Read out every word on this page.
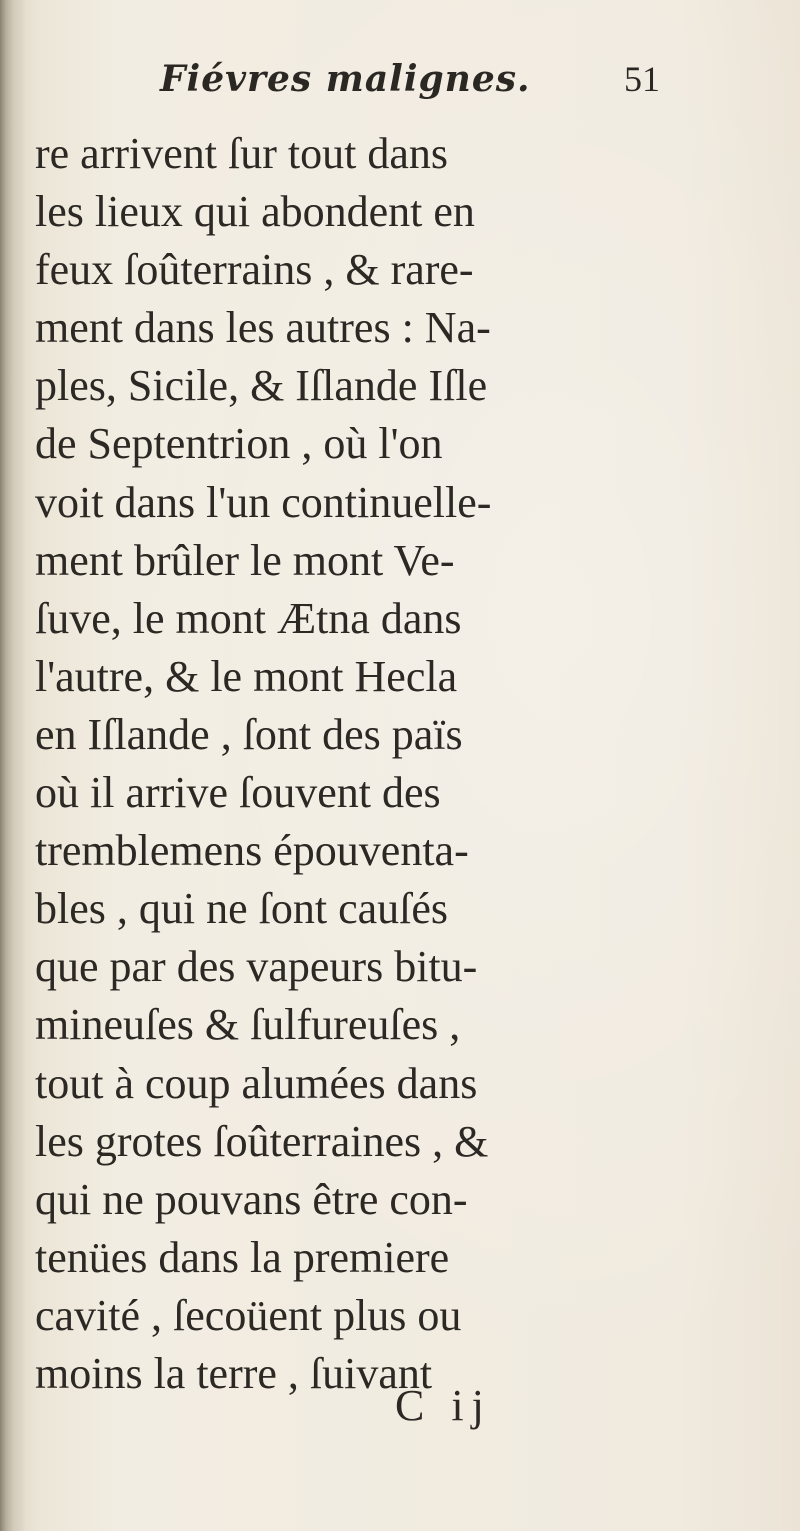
Fiévres malignes.	51
re arrivent ſur tout dans
les lieux qui abondent en
feux ſoûterrains , & rare-
ment dans les autres : Na-
ples, Sicile, & Iſlande Iſle
de Septentrion , où l'on
voit dans l'un continuelle-
ment brûler le mont Ve-
ſuve, le mont Ætna dans
l'autre, & le mont Hecla
en Iſlande , ſont des païs
où il arrive ſouvent des
tremblemens épouventa-
bles , qui ne ſont cauſés
que par des vapeurs bitu-
mineuſes & ſulfureuſes ,
tout à coup alumées dans
les grotes ſoûterraines , &
qui ne pouvans être con-
tenües dans la premiere
cavité , ſecoüent plus ou
moins la terre , ſuivant
C ij
